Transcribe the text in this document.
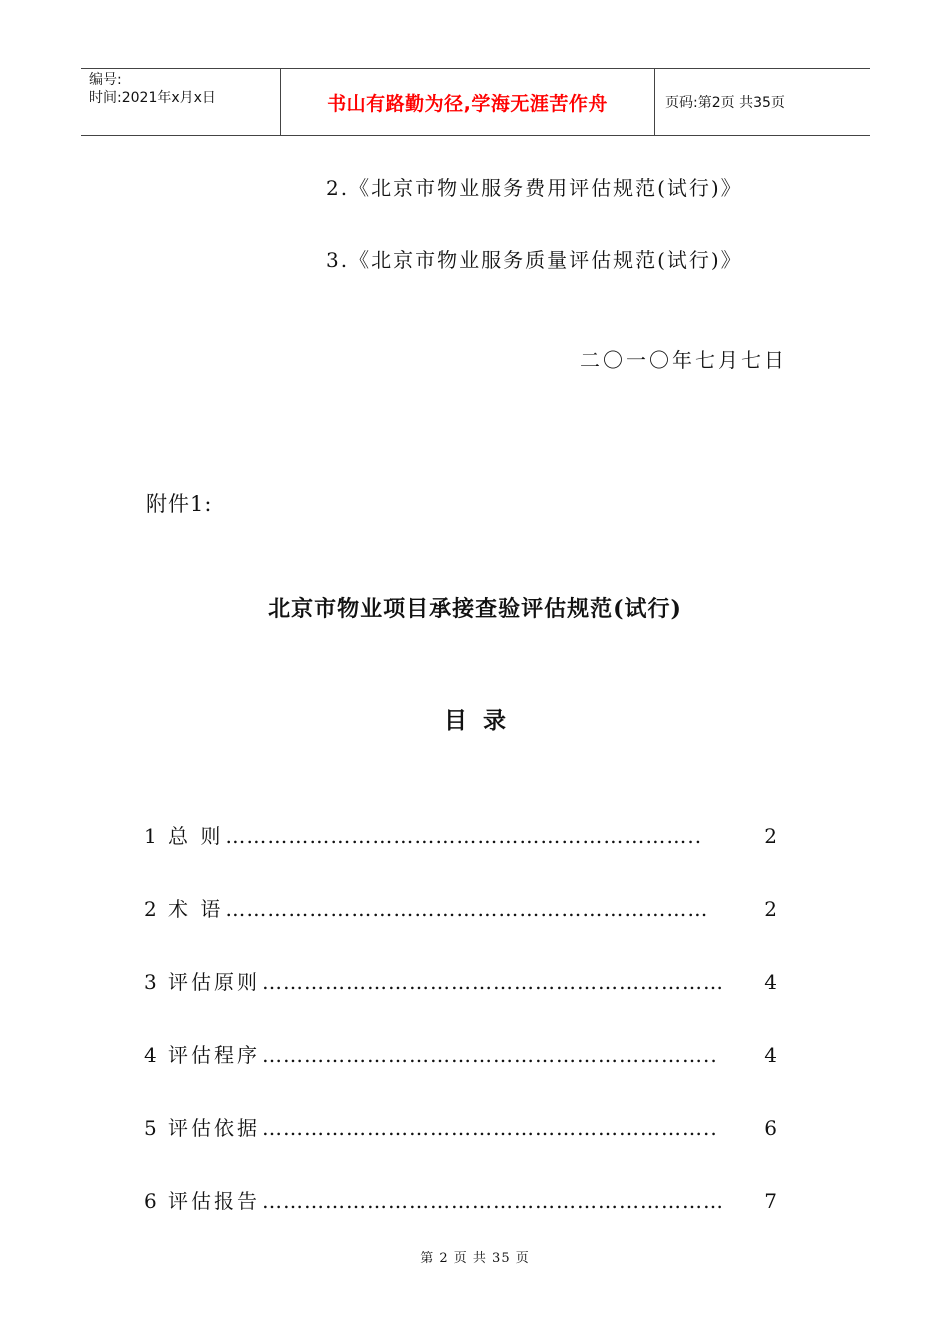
编号:
时间:2021年x月x日	书山有路勤为径,学海无涯苦作舟	页码:第2页 共35页
2.《北京市物业服务费用评估规范(试行)》
3.《北京市物业服务质量评估规范(试行)》
二〇一〇年七月七日
附件1:
北京市物业项目承接查验评估规范(试行)
目录
1 总 则 …………………………………………………………..	2
2 术 语 ……………………………………………………………	2
3 评估原则 …………………………………………………………	4
4 评估程序 ………………………………………………………..	4
5 评估依据 ………………………………………………………..	6
6 评估报告 …………………………………………………………	7
第 2 页 共 35 页
